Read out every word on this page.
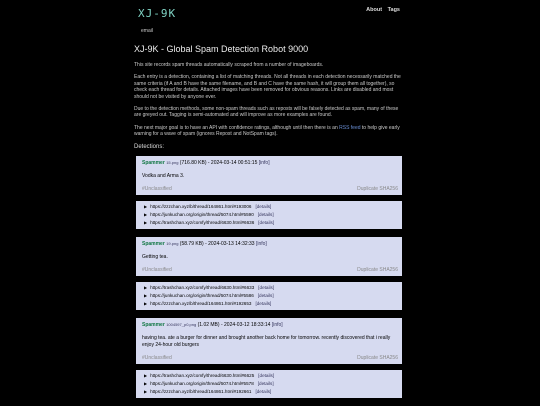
XJ-9K
email
About Tags
XJ-9K - Global Spam Detection Robot 9000

This site records spam threads automatically scraped from a number of imageboards.

Each entry is a detection, containing a list of matching threads. Not all threads in each detection necessarily matched the same criteria (if A and B have the same filename, and B and C have the same hash, it will group them all together), so check each thread for details. Attached images have been removed for obvious reasons. Links are disabled and most should not be visited by anyone ever.

Due to the detection methods, some non-spam threads such as reposts will be falsely detected as spam, many of these are greyed out. Tagging is semi-automated and will improve as more examples are found.

The next major goal is to have an API with confidence ratings, although until then there is an RSS feed to help give early warning for a wave of spam (ignores Repost and NotSpam tags).

Detections:
Spammer 15.png (716.80 KB) - 2024-03-14 00:51:15 [info]
Vodka and Arma 3.
#Unclassified	Duplicate SHA256
▶ https://zzzchan.xyz/b/thread/164861.html#193006 [details]
▶ https://junkuchan.org/origin/thread/5074.html#5590 [details]
▶ https://trashchan.xyz/comfy/thread/6630.html#6636 [details]
Spammer 19.png (58.79 KB) - 2024-03-13 14:32:33 [info]
Getting tea.
#Unclassified	Duplicate SHA256
▶ https://trashchan.xyz/comfy/thread/6630.html#6633 [details]
▶ https://junkuchan.org/origin/thread/5074.html#5586 [details]
▶ https://zzzchan.xyz/b/thread/164861.html#192653 [details]
Spammer 1004597_p0.png (1.02 MB) - 2024-03-12 18:33:14 [info]
having tea. ate a burger for dinner and brought another back home for tomorrow. recently discovered that i really enjoy 24-hour old burgers
#Unclassified	Duplicate SHA256
▶ https://trashchan.xyz/comfy/thread/6630.html#6625 [details]
▶ https://junkuchan.org/origin/thread/5074.html#5578 [details]
▶ https://zzzchan.xyz/b/thread/164861.html#192661 [details]
